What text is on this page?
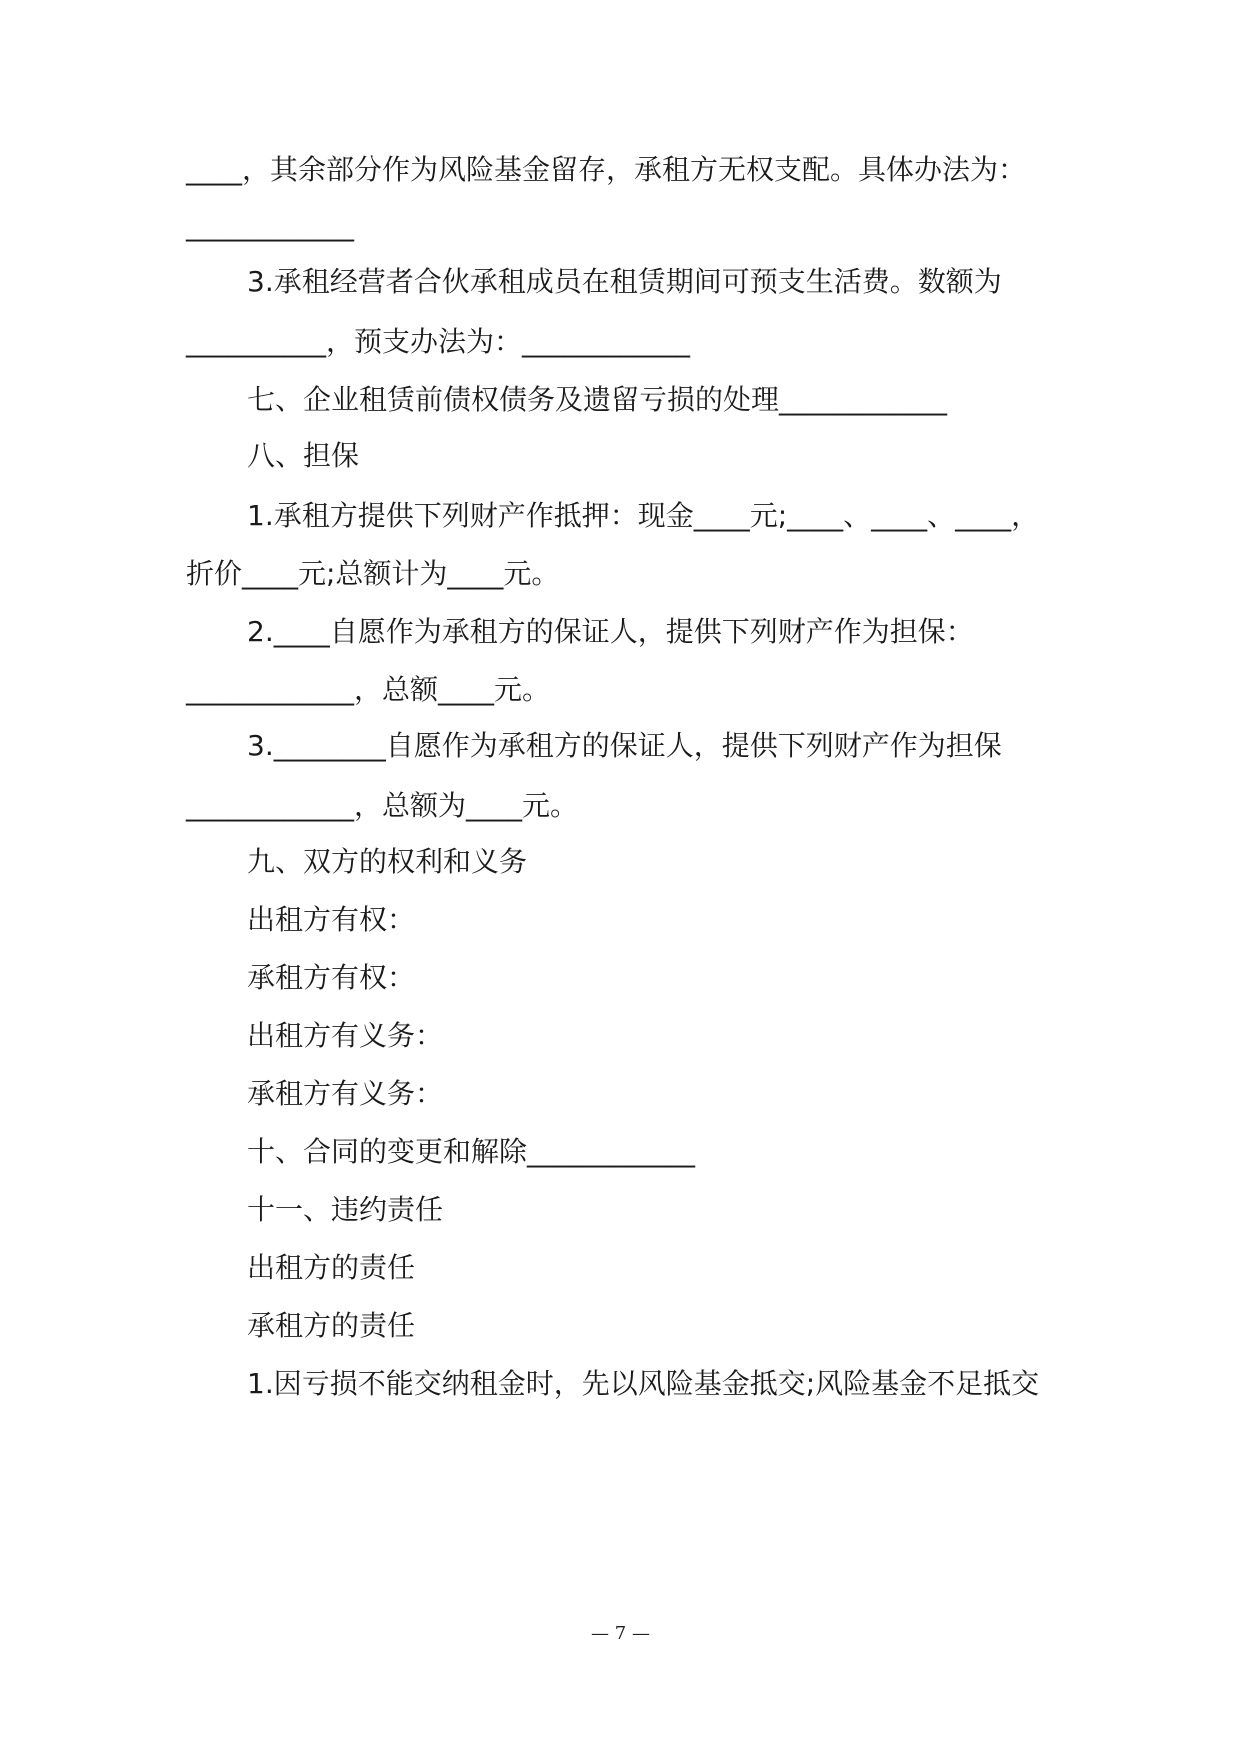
____，其余部分作为风险基金留存，承租方无权支配。具体办法为：
____________
3.承租经营者合伙承租成员在租赁期间可预支生活费。数额为
__________，预支办法为：____________
七、企业租赁前债权债务及遗留亏损的处理____________
八、担保
1.承租方提供下列财产作抵押：现金____元;____、____、____，
折价____元;总额计为____元。
2.____自愿作为承租方的保证人，提供下列财产作为担保：
____________，总额____元。
3.________自愿作为承租方的保证人，提供下列财产作为担保
____________，总额为____元。
九、双方的权利和义务
出租方有权：
承租方有权：
出租方有义务：
承租方有义务：
十、合同的变更和解除____________
十一、违约责任
出租方的责任
承租方的责任
1.因亏损不能交纳租金时，先以风险基金抵交;风险基金不足抵交
— 7 —
